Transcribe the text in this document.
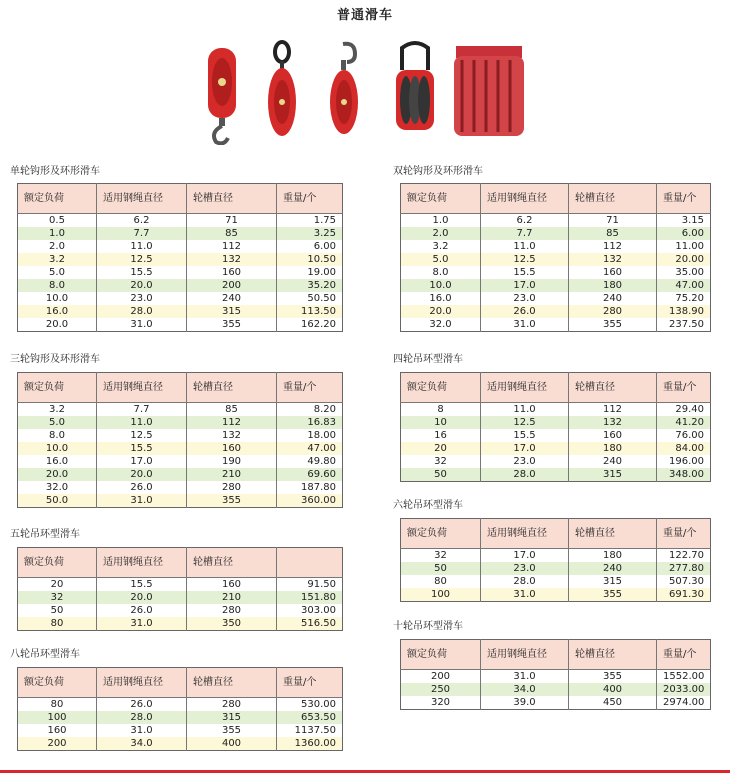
普通滑车
单轮钩形及环形滑车
额定负荷	适用钢绳直径	轮槽直径	重量/个
0.5	6.2	71	1.75
1.0	7.7	85	3.25
2.0	11.0	112	6.00
3.2	12.5	132	10.50
5.0	15.5	160	19.00
8.0	20.0	200	35.20
10.0	23.0	240	50.50
16.0	28.0	315	113.50
20.0	31.0	355	162.20
双轮钩形及环形滑车
额定负荷	适用钢绳直径	轮槽直径	重量/个
1.0	6.2	71	3.15
2.0	7.7	85	6.00
3.2	11.0	112	11.00
5.0	12.5	132	20.00
8.0	15.5	160	35.00
10.0	17.0	180	47.00
16.0	23.0	240	75.20
20.0	26.0	280	138.90
32.0	31.0	355	237.50
三轮钩形及环形滑车
额定负荷	适用钢绳直径	轮槽直径	重量/个
3.2	7.7	85	8.20
5.0	11.0	112	16.83
8.0	12.5	132	18.00
10.0	15.5	160	47.00
16.0	17.0	190	49.80
20.0	20.0	210	69.60
32.0	26.0	280	187.80
50.0	31.0	355	360.00
四轮吊环型滑车
额定负荷	适用钢绳直径	轮槽直径	重量/个
8	11.0	112	29.40
10	12.5	132	41.20
16	15.5	160	76.00
20	17.0	180	84.00
32	23.0	240	196.00
50	28.0	315	348.00
五轮吊环型滑车
额定负荷	适用钢绳直径	轮槽直径	
20	15.5	160	91.50
32	20.0	210	151.80
50	26.0	280	303.00
80	31.0	350	516.50
六轮吊环型滑车
额定负荷	适用钢绳直径	轮槽直径	重量/个
32	17.0	180	122.70
50	23.0	240	277.80
80	28.0	315	507.30
100	31.0	355	691.30
八轮吊环型滑车
额定负荷	适用钢绳直径	轮槽直径	重量/个
80	26.0	280	530.00
100	28.0	315	653.50
160	31.0	355	1137.50
200	34.0	400	1360.00
十轮吊环型滑车
额定负荷	适用钢绳直径	轮槽直径	重量/个
200	31.0	355	1552.00
250	34.0	400	2033.00
320	39.0	450	2974.00
